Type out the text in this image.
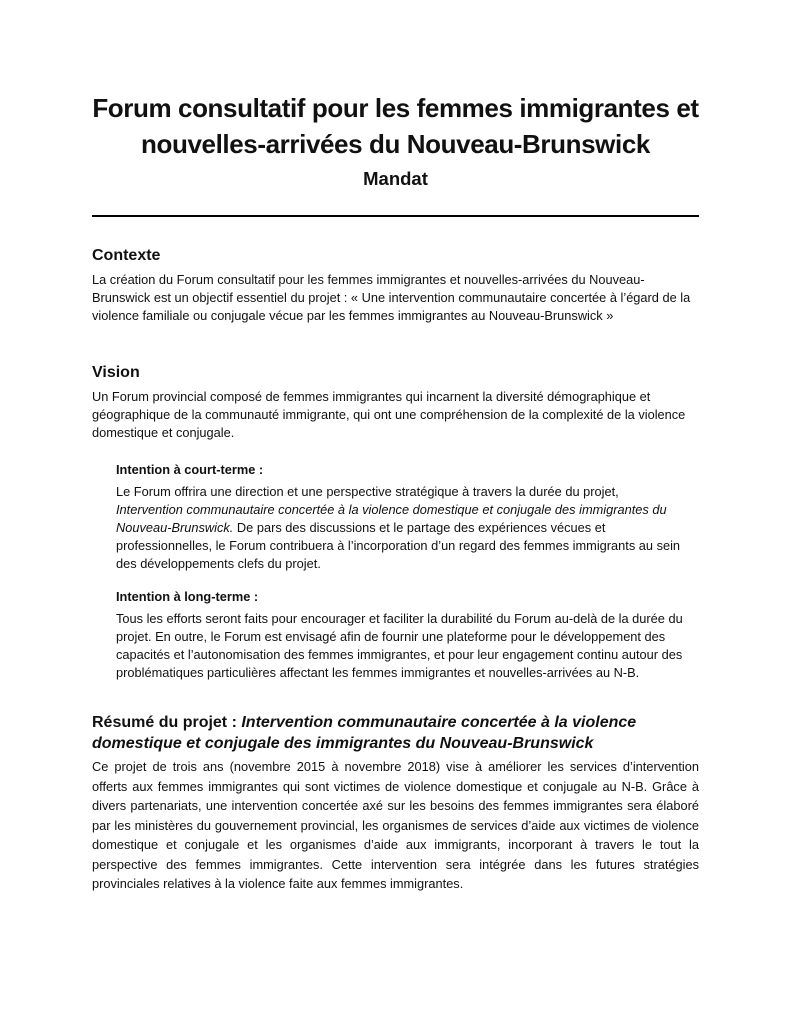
Forum consultatif pour les femmes immigrantes et
nouvelles-arrivées du Nouveau-Brunswick
Mandat
Contexte

La création du Forum consultatif pour les femmes immigrantes et nouvelles-arrivées du Nouveau-Brunswick est un objectif essentiel du projet : « Une intervention communautaire concertée à l’égard de la violence familiale ou conjugale vécue par les femmes immigrantes au Nouveau-Brunswick »

Vision

Un Forum provincial composé de femmes immigrantes qui incarnent la diversité démographique et géographique de la communauté immigrante, qui ont une compréhension de la complexité de la violence domestique et conjugale.

Intention à court-terme :

Le Forum offrira une direction et une perspective stratégique à travers la durée du projet,
Intervention communautaire concertée à la violence domestique et conjugale des immigrantes du Nouveau-Brunswick. De pars des discussions et le partage des expériences vécues et professionnelles, le Forum contribuera à l’incorporation d’un regard des femmes immigrants au sein des développements clefs du projet.

Intention à long-terme :

Tous les efforts seront faits pour encourager et faciliter la durabilité du Forum au-delà de la durée du projet. En outre, le Forum est envisagé afin de fournir une plateforme pour le développement des capacités et l’autonomisation des femmes immigrantes, et pour leur engagement continu autour des problématiques particulières affectant les femmes immigrantes et nouvelles-arrivées au N-B.

Résumé du projet : Intervention communautaire concertée à la violence domestique et conjugale des immigrantes du Nouveau-Brunswick

Ce projet de trois ans (novembre 2015 à novembre 2018) vise à améliorer les services d’intervention offerts aux femmes immigrantes qui sont victimes de violence domestique et conjugale au N-B. Grâce à divers partenariats, une intervention concertée axé sur les besoins des femmes immigrantes sera élaboré par les ministères du gouvernement provincial, les organismes de services d’aide aux victimes de violence domestique et conjugale et les organismes d’aide aux immigrants, incorporant à travers le tout la perspective des femmes immigrantes. Cette intervention sera intégrée dans les futures stratégies provinciales relatives à la violence faite aux femmes immigrantes.
